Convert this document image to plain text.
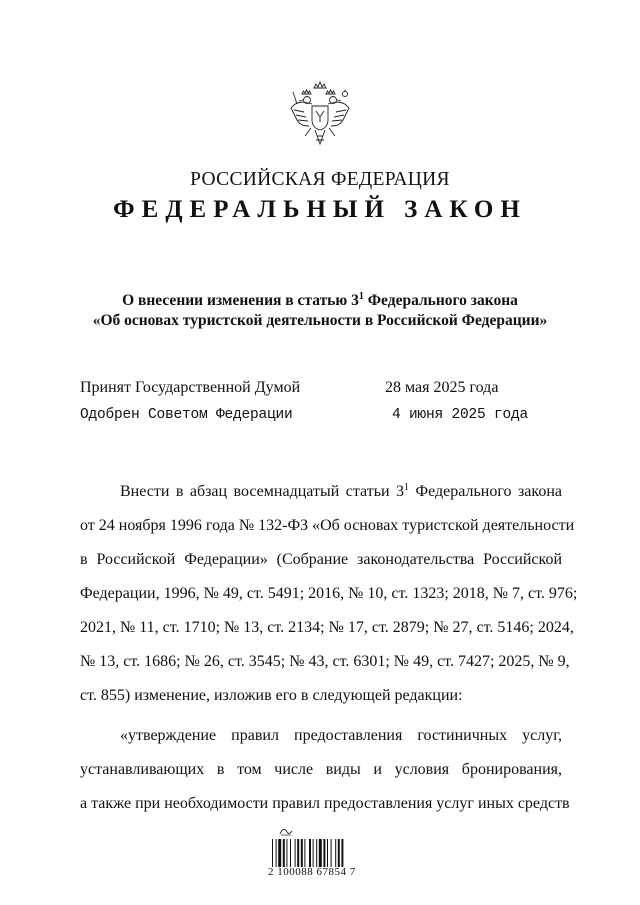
РОССИЙСКАЯ ФЕДЕРАЦИЯ
ФЕДЕРАЛЬНЫЙ ЗАКОН
О внесении изменения в статью $3^1$ Федерального закона
«Об основах туристской деятельности в Российской Федерации»
Принят Государственной Думой	28 мая 2025 года
Одобрен Советом Федерации	4 июня 2025 года
Внести в абзац восемнадцатый статьи $3^1$ Федерального закона
от 24 ноября 1996 года № 132-ФЗ «Об основах туристской деятельности
в Российской Федерации» (Собрание законодательства Российской
Федерации, 1996, № 49, ст. 5491; 2016, № 10, ст. 1323; 2018, № 7, ст. 976;
2021, № 11, ст. 1710; № 13, ст. 2134; № 17, ст. 2879; № 27, ст. 5146; 2024,
№ 13, ст. 1686; № 26, ст. 3545; № 43, ст. 6301; № 49, ст. 7427; 2025, № 9,
ст. 855) изменение, изложив его в следующей редакции:
«утверждение правил предоставления гостиничных услуг,
устанавливающих в том числе виды и условия бронирования,
а также при необходимости правил предоставления услуг иных средств
2 100088 67854 7
